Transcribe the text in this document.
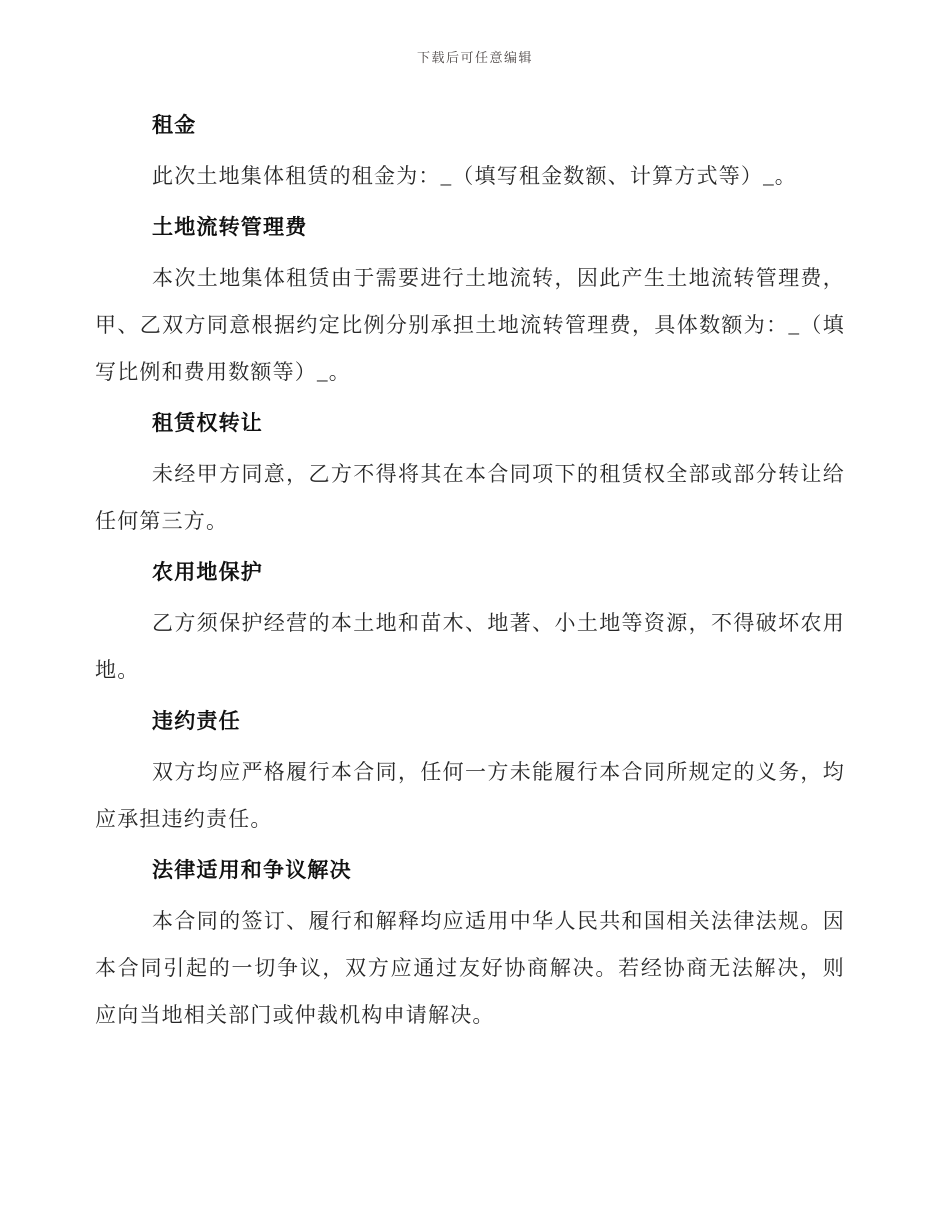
下载后可任意编辑
租金

此次土地集体租赁的租金为：_（填写租金数额、计算方式等）_。

土地流转管理费

本次土地集体租赁由于需要进行土地流转，因此产生土地流转管理费，甲、乙双方同意根据约定比例分别承担土地流转管理费，具体数额为：_（填写比例和费用数额等）_。

租赁权转让

未经甲方同意，乙方不得将其在本合同项下的租赁权全部或部分转让给任何第三方。

农用地保护

乙方须保护经营的本土地和苗木、地著、小土地等资源，不得破坏农用地。

违约责任

双方均应严格履行本合同，任何一方未能履行本合同所规定的义务，均应承担违约责任。

法律适用和争议解决

本合同的签订、履行和解释均应适用中华人民共和国相关法律法规。因本合同引起的一切争议，双方应通过友好协商解决。若经协商无法解决，则应向当地相关部门或仲裁机构申请解决。
